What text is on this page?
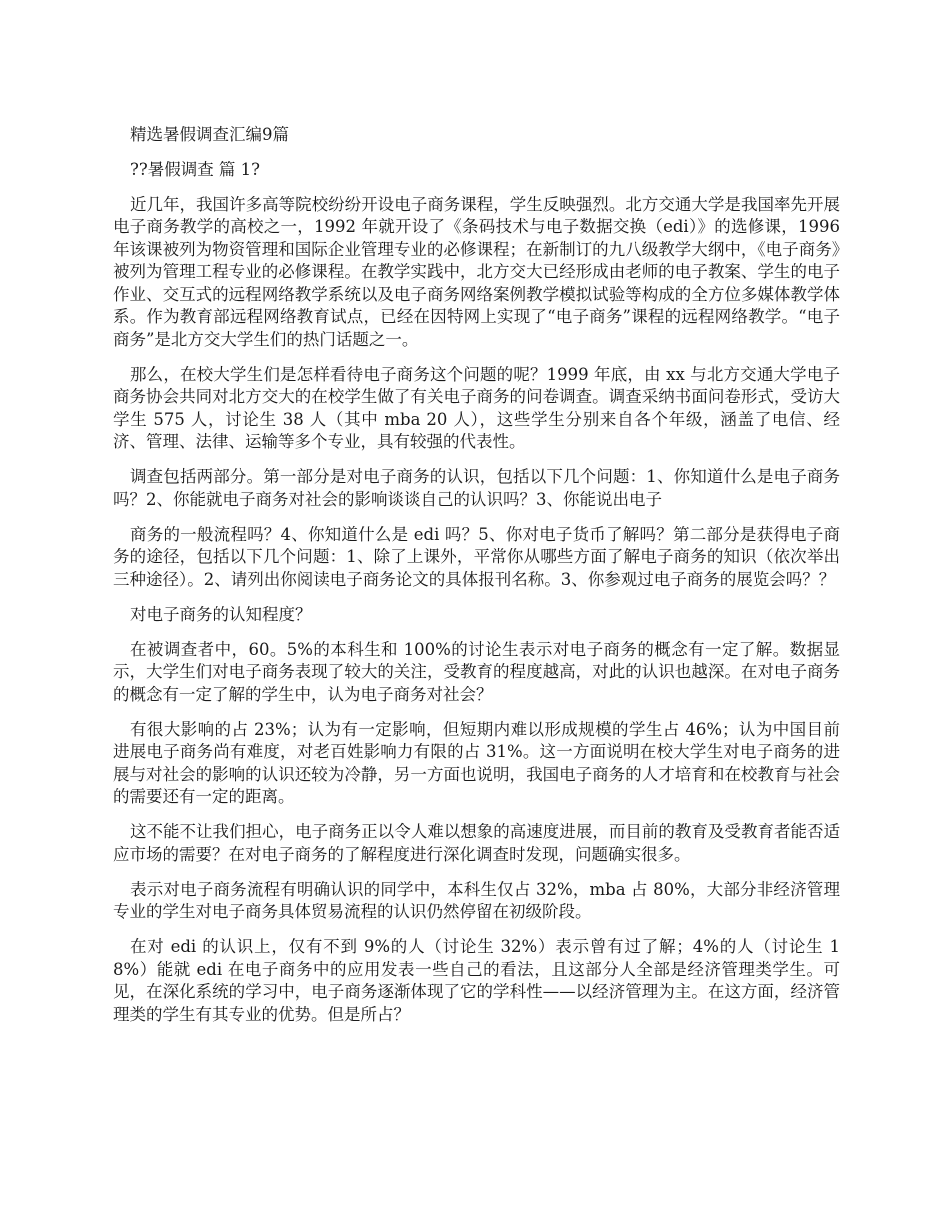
精选暑假调查汇编9篇

??暑假调查 篇 1?

近几年，我国许多高等院校纷纷开设电子商务课程，学生反映强烈。北方交通大学是我国率先开展电子商务教学的高校之一，1992 年就开设了《条码技术与电子数据交换（edi）》的选修课，1996 年该课被列为物资管理和国际企业管理专业的必修课程；在新制订的九八级教学大纲中，《电子商务》被列为管理工程专业的必修课程。在教学实践中，北方交大已经形成由老师的电子教案、学生的电子作业、交互式的远程网络教学系统以及电子商务网络案例教学模拟试验等构成的全方位多媒体教学体系。作为教育部远程网络教育试点，已经在因特网上实现了“电子商务”课程的远程网络教学。“电子商务”是北方交大学生们的热门话题之一。

那么，在校大学生们是怎样看待电子商务这个问题的呢？1999 年底，由 xx 与北方交通大学电子商务协会共同对北方交大的在校学生做了有关电子商务的问卷调查。调查采纳书面问卷形式，受访大学生 575 人，讨论生 38 人（其中 mba 20 人），这些学生分别来自各个年级，涵盖了电信、经济、管理、法律、运输等多个专业，具有较强的代表性。

调查包括两部分。第一部分是对电子商务的认识，包括以下几个问题：1、你知道什么是电子商务吗？2、你能就电子商务对社会的影响谈谈自己的认识吗？3、你能说出电子

商务的一般流程吗？4、你知道什么是 edi 吗？5、你对电子货币了解吗？第二部分是获得电子商务的途径，包括以下几个问题：1、除了上课外，平常你从哪些方面了解电子商务的知识（依次举出三种途径）。2、请列出你阅读电子商务论文的具体报刊名称。3、你参观过电子商务的展览会吗？？

对电子商务的认知程度？

在被调查者中，60。5%的本科生和 100%的讨论生表示对电子商务的概念有一定了解。数据显示，大学生们对电子商务表现了较大的关注，受教育的程度越高，对此的认识也越深。在对电子商务的概念有一定了解的学生中，认为电子商务对社会？

有很大影响的占 23%；认为有一定影响，但短期内难以形成规模的学生占 46%；认为中国目前进展电子商务尚有难度，对老百姓影响力有限的占 31%。这一方面说明在校大学生对电子商务的进展与对社会的影响的认识还较为冷静，另一方面也说明，我国电子商务的人才培育和在校教育与社会的需要还有一定的距离。

这不能不让我们担心，电子商务正以令人难以想象的高速度进展，而目前的教育及受教育者能否适应市场的需要？在对电子商务的了解程度进行深化调查时发现，问题确实很多。

表示对电子商务流程有明确认识的同学中，本科生仅占 32%，mba 占 80%，大部分非经济管理专业的学生对电子商务具体贸易流程的认识仍然停留在初级阶段。

在对 edi 的认识上，仅有不到 9%的人（讨论生 32%）表示曾有过了解；4%的人（讨论生 18%）能就 edi 在电子商务中的应用发表一些自己的看法，且这部分人全部是经济管理类学生。可见，在深化系统的学习中，电子商务逐渐体现了它的学科性——以经济管理为主。在这方面，经济管理类的学生有其专业的优势。但是所占？
